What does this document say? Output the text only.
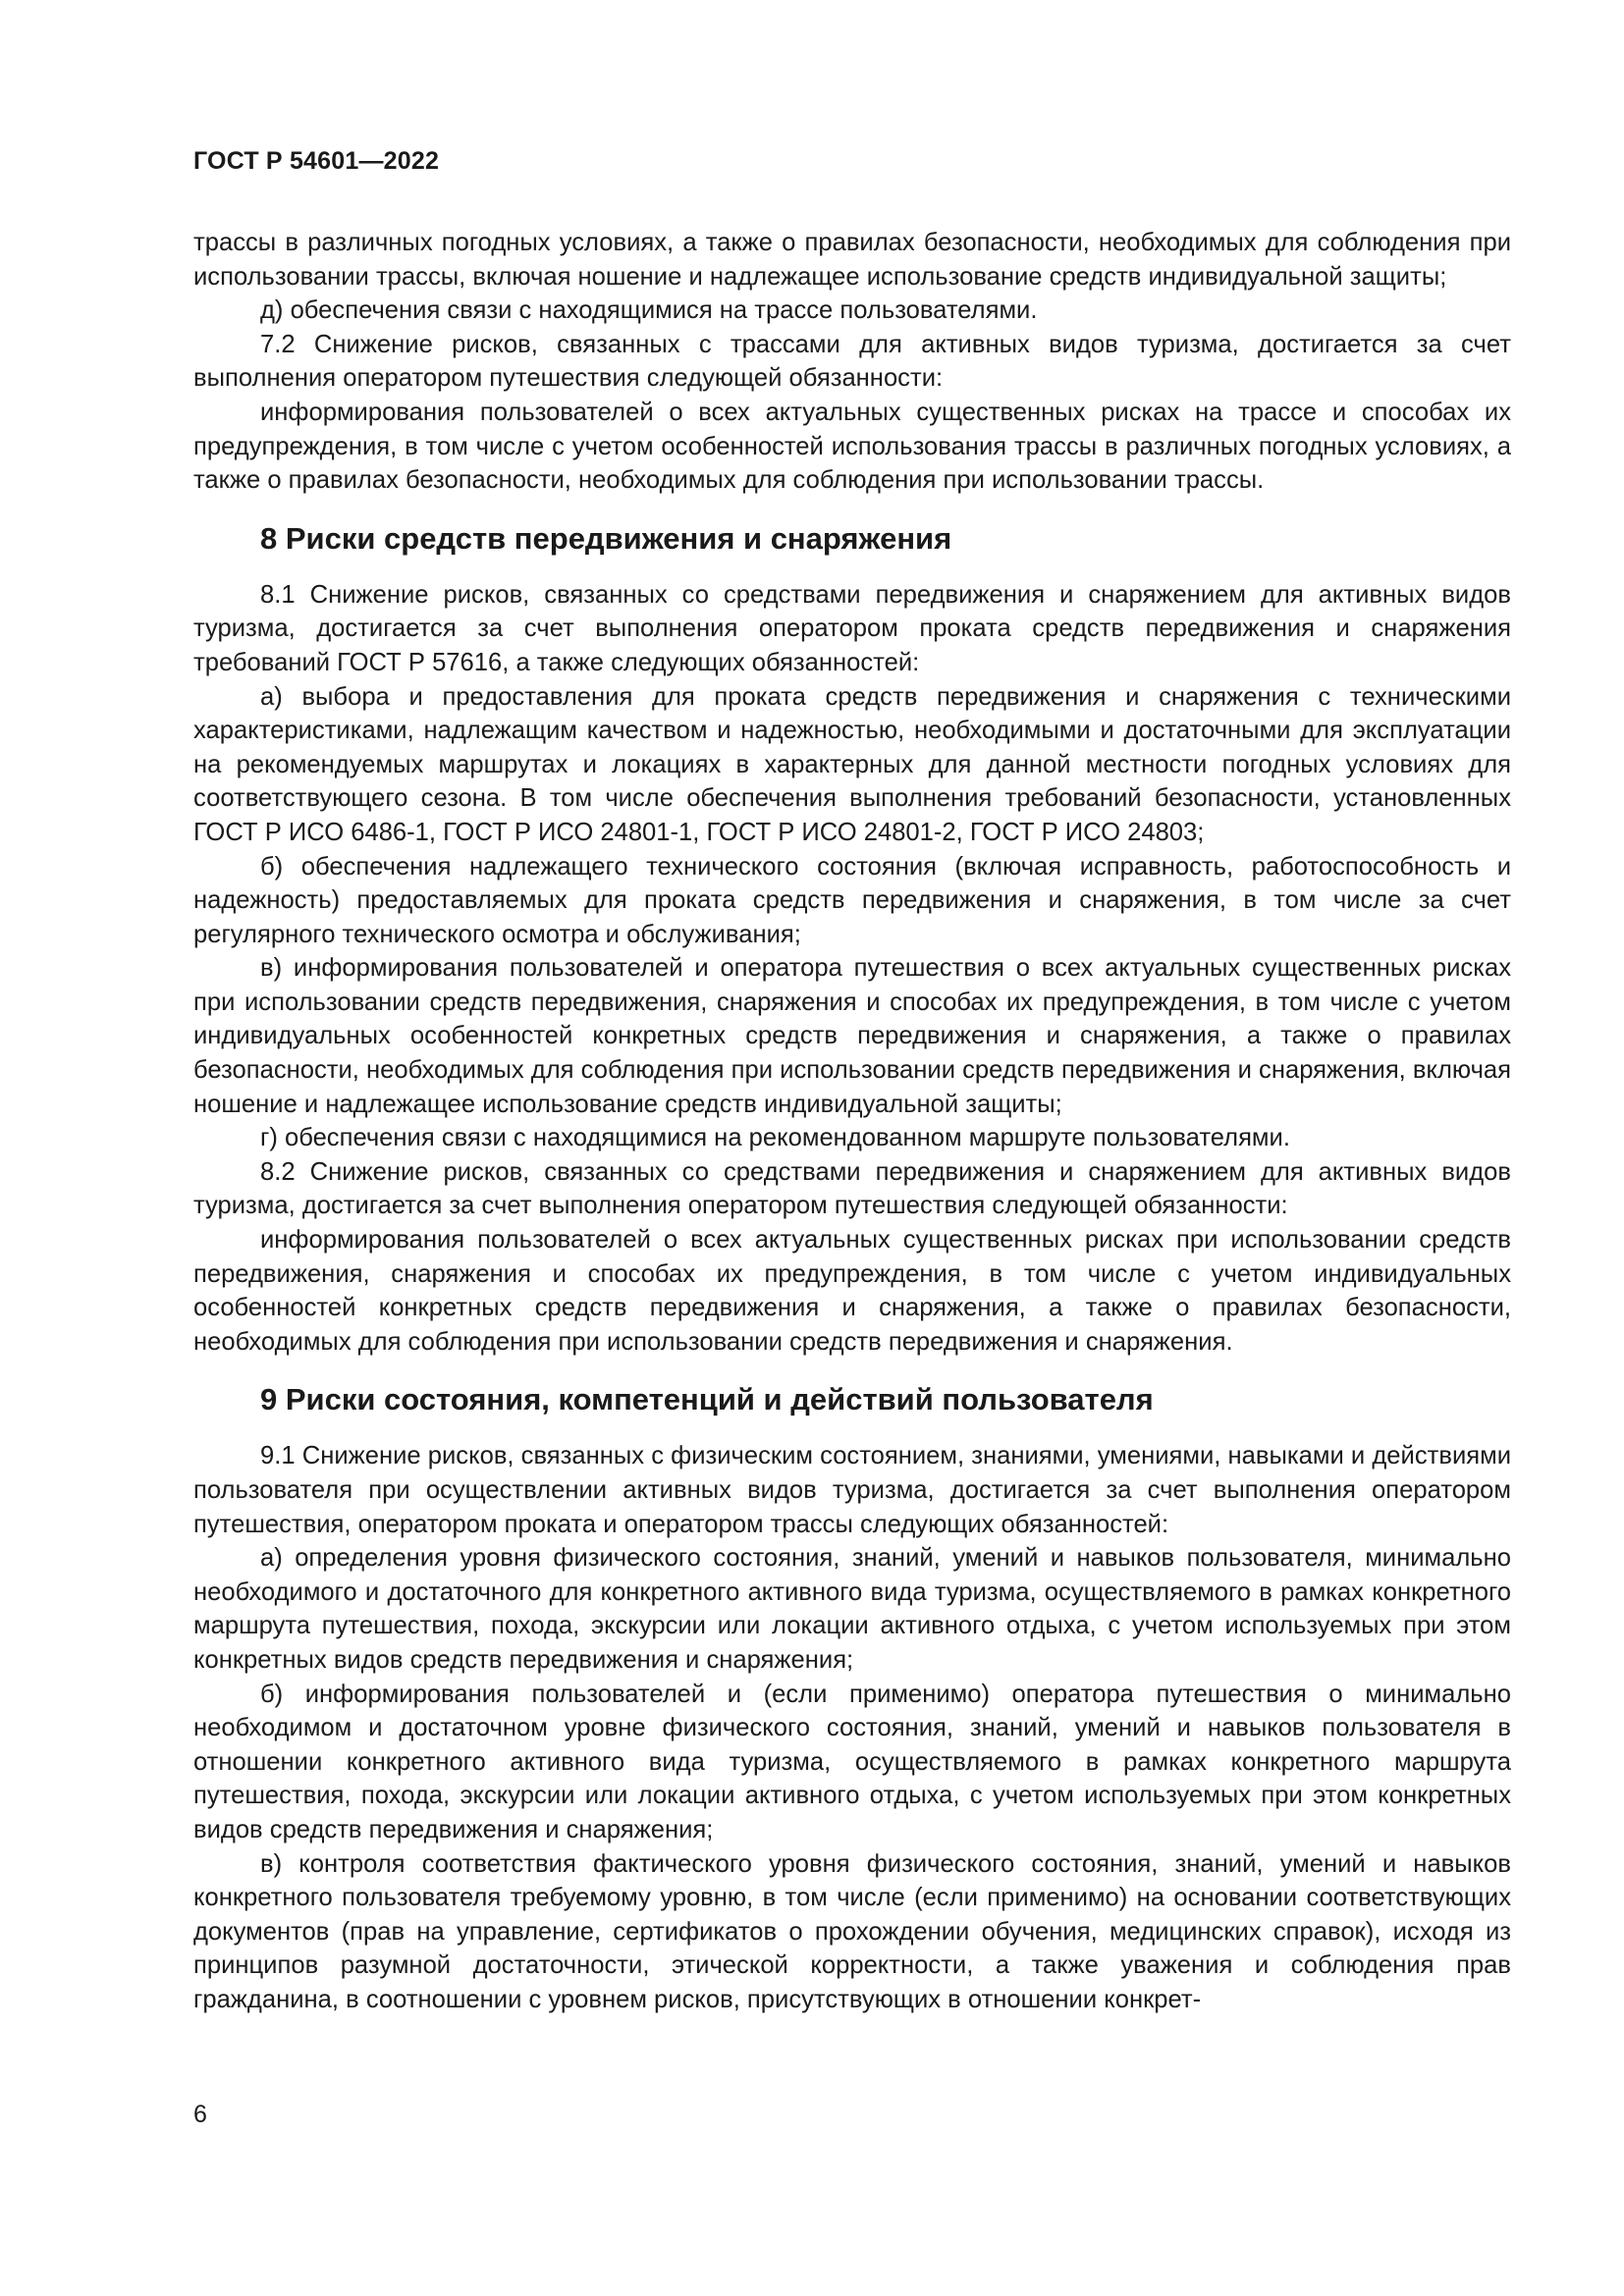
ГОСТ Р 54601—2022

трассы в различных погодных условиях, а также о правилах безопасности, необходимых для соблюдения при использовании трассы, включая ношение и надлежащее использование средств индивидуальной защиты;

д) обеспечения связи с находящимися на трассе пользователями.

7.2 Снижение рисков, связанных с трассами для активных видов туризма, достигается за счет выполнения оператором путешествия следующей обязанности:

информирования пользователей о всех актуальных существенных рисках на трассе и способах их предупреждения, в том числе с учетом особенностей использования трассы в различных погодных условиях, а также о правилах безопасности, необходимых для соблюдения при использовании трассы.

8 Риски средств передвижения и снаряжения

8.1 Снижение рисков, связанных со средствами передвижения и снаряжением для активных видов туризма, достигается за счет выполнения оператором проката средств передвижения и снаряжения требований ГОСТ Р 57616, а также следующих обязанностей:

а) выбора и предоставления для проката средств передвижения и снаряжения с техническими характеристиками, надлежащим качеством и надежностью, необходимыми и достаточными для эксплуатации на рекомендуемых маршрутах и локациях в характерных для данной местности погодных условиях для соответствующего сезона. В том числе обеспечения выполнения требований безопасности, установленных ГОСТ Р ИСО 6486-1, ГОСТ Р ИСО 24801-1, ГОСТ Р ИСО 24801-2, ГОСТ Р ИСО 24803;

б) обеспечения надлежащего технического состояния (включая исправность, работоспособность и надежность) предоставляемых для проката средств передвижения и снаряжения, в том числе за счет регулярного технического осмотра и обслуживания;

в) информирования пользователей и оператора путешествия о всех актуальных существенных рисках при использовании средств передвижения, снаряжения и способах их предупреждения, в том числе с учетом индивидуальных особенностей конкретных средств передвижения и снаряжения, а также о правилах безопасности, необходимых для соблюдения при использовании средств передвижения и снаряжения, включая ношение и надлежащее использование средств индивидуальной защиты;

г) обеспечения связи с находящимися на рекомендованном маршруте пользователями.

8.2 Снижение рисков, связанных со средствами передвижения и снаряжением для активных видов туризма, достигается за счет выполнения оператором путешествия следующей обязанности:

информирования пользователей о всех актуальных существенных рисках при использовании средств передвижения, снаряжения и способах их предупреждения, в том числе с учетом индивидуальных особенностей конкретных средств передвижения и снаряжения, а также о правилах безопасности, необходимых для соблюдения при использовании средств передвижения и снаряжения.

9 Риски состояния, компетенций и действий пользователя

9.1 Снижение рисков, связанных с физическим состоянием, знаниями, умениями, навыками и действиями пользователя при осуществлении активных видов туризма, достигается за счет выполнения оператором путешествия, оператором проката и оператором трассы следующих обязанностей:

а) определения уровня физического состояния, знаний, умений и навыков пользователя, минимально необходимого и достаточного для конкретного активного вида туризма, осуществляемого в рамках конкретного маршрута путешествия, похода, экскурсии или локации активного отдыха, с учетом используемых при этом конкретных видов средств передвижения и снаряжения;

б) информирования пользователей и (если применимо) оператора путешествия о минимально необходимом и достаточном уровне физического состояния, знаний, умений и навыков пользователя в отношении конкретного активного вида туризма, осуществляемого в рамках конкретного маршрута путешествия, похода, экскурсии или локации активного отдыха, с учетом используемых при этом конкретных видов средств передвижения и снаряжения;

в) контроля соответствия фактического уровня физического состояния, знаний, умений и навыков конкретного пользователя требуемому уровню, в том числе (если применимо) на основании соответствующих документов (прав на управление, сертификатов о прохождении обучения, медицинских справок), исходя из принципов разумной достаточности, этической корректности, а также уважения и соблюдения прав гражданина, в соотношении с уровнем рисков, присутствующих в отношении конкрет-

6
